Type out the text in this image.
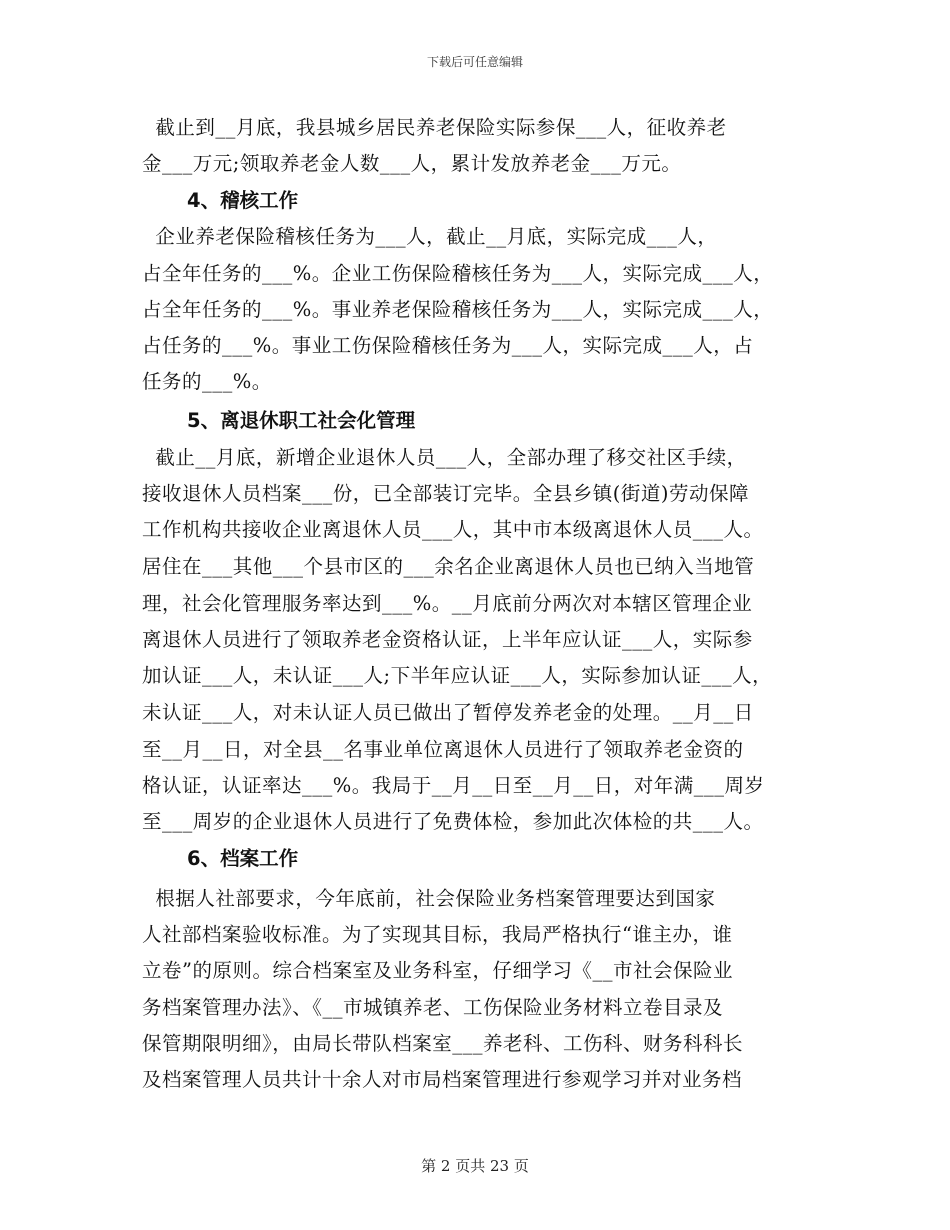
下载后可任意编辑
截止到__月底，我县城乡居民养老保险实际参保___人，征收养老
金___万元;领取养老金人数___人，累计发放养老金___万元。
4、稽核工作
企业养老保险稽核任务为___人，截止__月底，实际完成___人，
占全年任务的___%。企业工伤保险稽核任务为___人，实际完成___人，
占全年任务的___%。事业养老保险稽核任务为___人，实际完成___人，
占任务的___%。事业工伤保险稽核任务为___人，实际完成___人，占
任务的___%。
5、离退休职工社会化管理
截止__月底，新增企业退休人员___人，全部办理了移交社区手续，
接收退休人员档案___份，已全部装订完毕。全县乡镇(街道)劳动保障
工作机构共接收企业离退休人员___人，其中市本级离退休人员___人。
居住在___其他___个县市区的___余名企业离退休人员也已纳入当地管
理，社会化管理服务率达到___%。__月底前分两次对本辖区管理企业
离退休人员进行了领取养老金资格认证，上半年应认证___人，实际参
加认证___人，未认证___人;下半年应认证___人，实际参加认证___人，
未认证___人，对未认证人员已做出了暂停发养老金的处理。__月__日
至__月__日，对全县__名事业单位离退休人员进行了领取养老金资的
格认证，认证率达___%。我局于__月__日至__月__日，对年满___周岁
至___周岁的企业退休人员进行了免费体检，参加此次体检的共___人。
6、档案工作
根据人社部要求，今年底前，社会保险业务档案管理要达到国家
人社部档案验收标准。为了实现其目标，我局严格执行“谁主办，谁
立卷”的原则。综合档案室及业务科室，仔细学习《__市社会保险业
务档案管理办法》、《__市城镇养老、工伤保险业务材料立卷目录及
保管期限明细》，由局长带队档案室___养老科、工伤科、财务科科长
及档案管理人员共计十余人对市局档案管理进行参观学习并对业务档
第 2 页共 23 页
